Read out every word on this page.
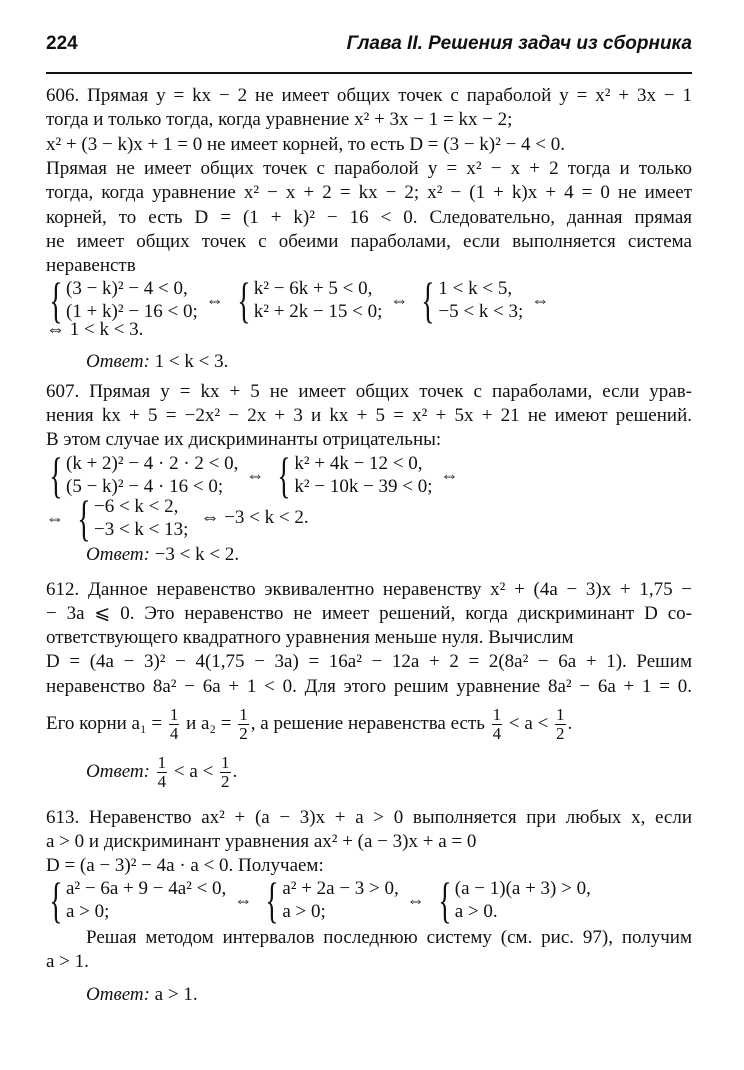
224	Глава II. Решения задач из сборника
606. Прямая y = kx − 2 не имеет общих точек с параболой y = x² + 3x − 1
тогда и только тогда, когда уравнение x² + 3x − 1 = kx − 2;
x² + (3 − k)x + 1 = 0 не имеет корней, то есть D = (3 − k)² − 4 < 0.
Прямая не имеет общих точек с параболой y = x² − x + 2 тогда и только
тогда, когда уравнение x² − x + 2 = kx − 2; x² − (1 + k)x + 4 = 0 не имеет
корней, то есть D = (1 + k)² − 16 < 0. Следовательно, данная прямая
не имеет общих точек с обеими параболами, если выполняется система
неравенств
{ (3 − k)² − 4 < 0,
(1 + k)² − 16 < 0;
⇔ { k² − 6k + 5 < 0,
k² + 2k − 15 < 0;
⇔ { 1 < k < 5,
−5 < k < 3;
⇔
⇔ 1 < k < 3.
Ответ: 1 < k < 3.
607. Прямая y = kx + 5 не имеет общих точек с параболами, если урав-
нения kx + 5 = −2x² − 2x + 3 и kx + 5 = x² + 5x + 21 не имеют решений.
В этом случае их дискриминанты отрицательны:
{ (k + 2)² − 4 · 2 · 2 < 0,
(5 − k)² − 4 · 16 < 0;
⇔ { k² + 4k − 12 < 0,
k² − 10k − 39 < 0;
⇔
⇔ { −6 < k < 2,
−3 < k < 13;
⇔ −3 < k < 2.
Ответ: −3 < k < 2.
612. Данное неравенство эквивалентно неравенству x² + (4a − 3)x + 1,75 −
− 3a ⩽ 0. Это неравенство не имеет решений, когда дискриминант D со-
ответствующего квадратного уравнения меньше нуля. Вычислим
D = (4a − 3)² − 4(1,75 − 3a) = 16a² − 12a + 2 = 2(8a² − 6a + 1). Решим
неравенство 8a² − 6a + 1 < 0. Для этого решим уравнение 8a² − 6a + 1 = 0.
Его корни $a_1 = \frac{1}{4}$ и $a_2 = \frac{1}{2}$ , а решение неравенства есть $\frac{1}{4} < a < \frac{1}{2}$ .
Ответ: $\frac{1}{4} < a < \frac{1}{2}$ .
613. Неравенство ax² + (a − 3)x + a > 0 выполняется при любых x, если
a > 0 и дискриминант уравнения ax² + (a − 3)x + a = 0
D = (a − 3)² − 4a · a < 0. Получаем:
{ a² − 6a + 9 − 4a² < 0,
a > 0;
⇔ { a² + 2a − 3 > 0,
a > 0;
⇔ { (a − 1)(a + 3) > 0,
a > 0.
Решая методом интервалов последнюю систему (см. рис. 97), получим
a > 1.
Ответ: a > 1.
